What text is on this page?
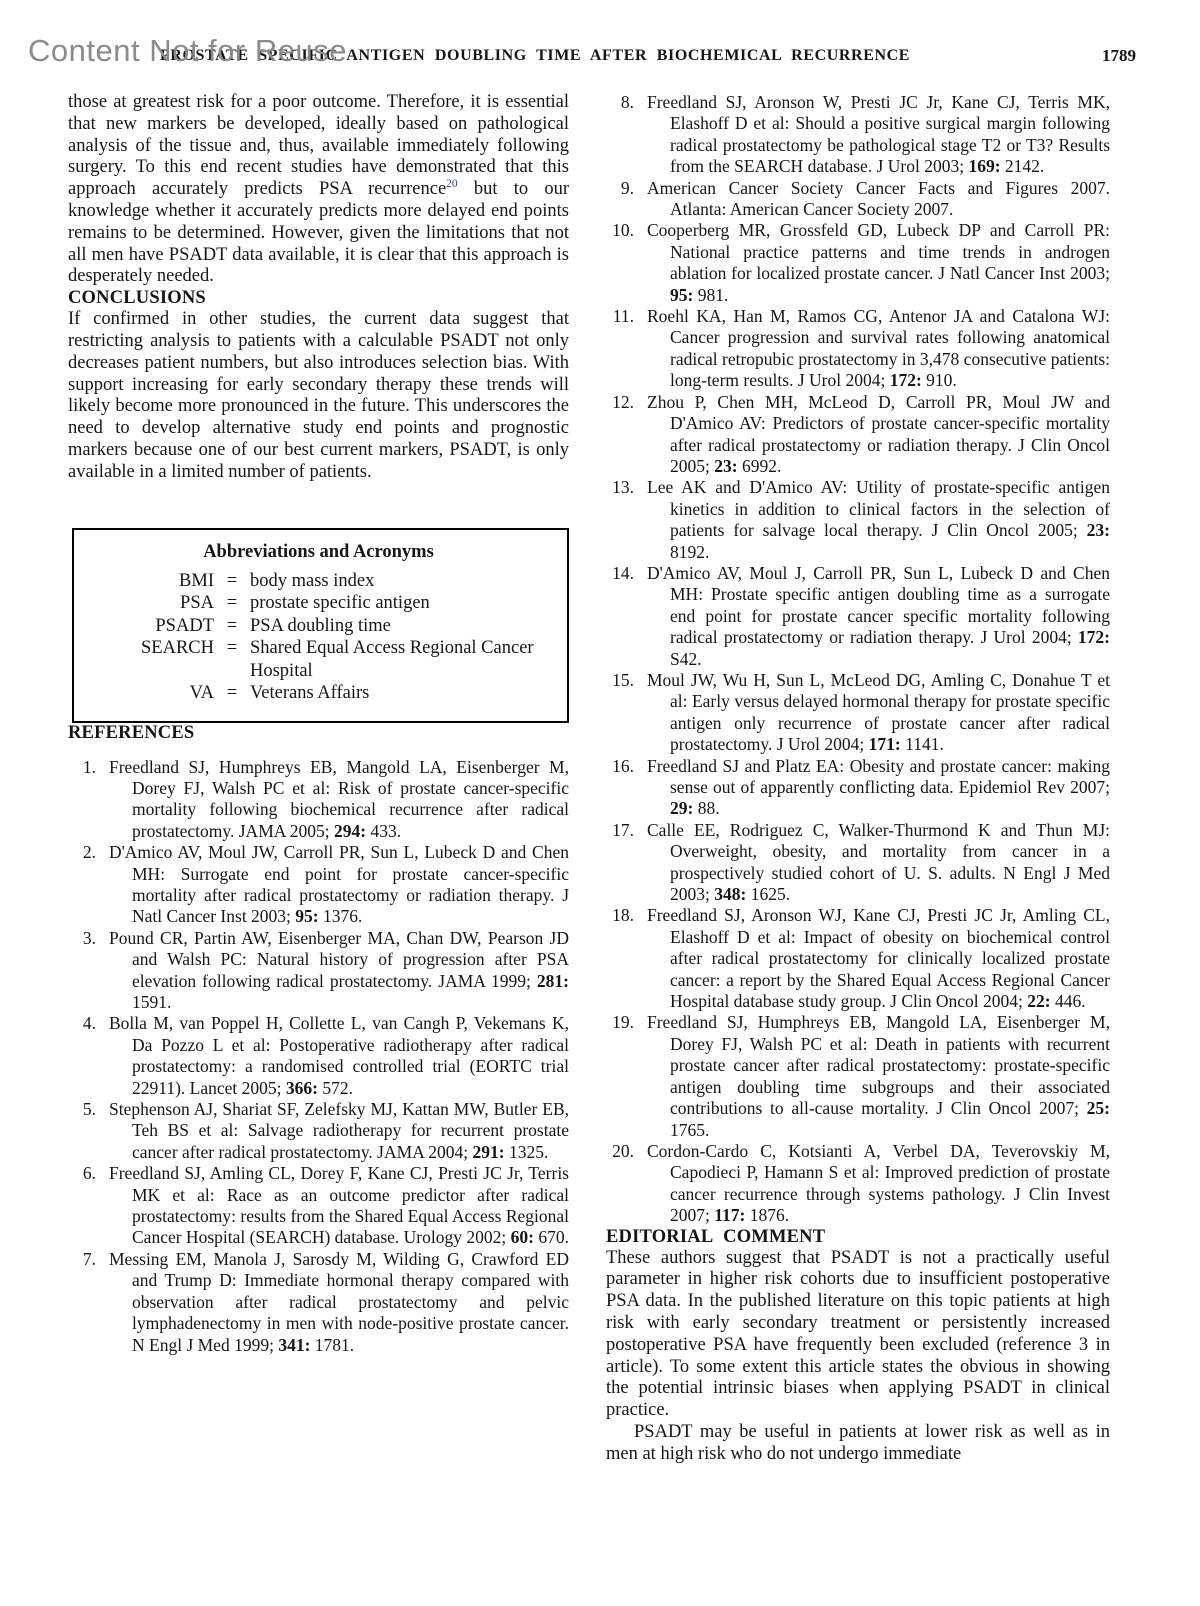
Content Not for Reuse
PROSTATE SPECIFIC ANTIGEN DOUBLING TIME AFTER BIOCHEMICAL RECURRENCE	1789

those at greatest risk for a poor outcome. Therefore, it is essential that new markers be developed, ideally based on pathological analysis of the tissue and, thus, available immediately following surgery. To this end recent studies have demonstrated that this approach accurately predicts PSA recurrence$^{20}$ but to our knowledge whether it accurately predicts more delayed end points remains to be determined. However, given the limitations that not all men have PSADT data available, it is clear that this approach is desperately needed.

CONCLUSIONS

If confirmed in other studies, the current data suggest that restricting analysis to patients with a calculable PSADT not only decreases patient numbers, but also introduces selection bias. With support increasing for early secondary therapy these trends will likely become more pronounced in the future. This underscores the need to develop alternative study end points and prognostic markers because one of our best current markers, PSADT, is only available in a limited number of patients.

Abbreviations and Acronyms
BMI = body mass index
PSA = prostate specific antigen
PSADT = PSA doubling time
SEARCH = Shared Equal Access Regional Cancer Hospital
VA = Veterans Affairs
REFERENCES
1. Freedland SJ, Humphreys EB, Mangold LA, Eisenberger M, Dorey FJ, Walsh PC et al: Risk of prostate cancer-specific mortality following biochemical recurrence after radical prostatectomy. JAMA 2005; 294: 433.
2. D'Amico AV, Moul JW, Carroll PR, Sun L, Lubeck D and Chen MH: Surrogate end point for prostate cancer-specific mortality after radical prostatectomy or radiation therapy. J Natl Cancer Inst 2003; 95: 1376.
3. Pound CR, Partin AW, Eisenberger MA, Chan DW, Pearson JD and Walsh PC: Natural history of progression after PSA elevation following radical prostatectomy. JAMA 1999; 281: 1591.
4. Bolla M, van Poppel H, Collette L, van Cangh P, Vekemans K, Da Pozzo L et al: Postoperative radiotherapy after radical prostatectomy: a randomised controlled trial (EORTC trial 22911). Lancet 2005; 366: 572.
5. Stephenson AJ, Shariat SF, Zelefsky MJ, Kattan MW, Butler EB, Teh BS et al: Salvage radiotherapy for recurrent prostate cancer after radical prostatectomy. JAMA 2004; 291: 1325.
6. Freedland SJ, Amling CL, Dorey F, Kane CJ, Presti JC Jr, Terris MK et al: Race as an outcome predictor after radical prostatectomy: results from the Shared Equal Access Regional Cancer Hospital (SEARCH) database. Urology 2002; 60: 670.
7. Messing EM, Manola J, Sarosdy M, Wilding G, Crawford ED and Trump D: Immediate hormonal therapy compared with observation after radical prostatectomy and pelvic lymphadenectomy in men with node-positive prostate cancer. N Engl J Med 1999; 341: 1781.
8. Freedland SJ, Aronson W, Presti JC Jr, Kane CJ, Terris MK, Elashoff D et al: Should a positive surgical margin following radical prostatectomy be pathological stage T2 or T3? Results from the SEARCH database. J Urol 2003; 169: 2142.
9. American Cancer Society Cancer Facts and Figures 2007. Atlanta: American Cancer Society 2007.
10. Cooperberg MR, Grossfeld GD, Lubeck DP and Carroll PR: National practice patterns and time trends in androgen ablation for localized prostate cancer. J Natl Cancer Inst 2003; 95: 981.
11. Roehl KA, Han M, Ramos CG, Antenor JA and Catalona WJ: Cancer progression and survival rates following anatomical radical retropubic prostatectomy in 3,478 consecutive patients: long-term results. J Urol 2004; 172: 910.
12. Zhou P, Chen MH, McLeod D, Carroll PR, Moul JW and D'Amico AV: Predictors of prostate cancer-specific mortality after radical prostatectomy or radiation therapy. J Clin Oncol 2005; 23: 6992.
13. Lee AK and D'Amico AV: Utility of prostate-specific antigen kinetics in addition to clinical factors in the selection of patients for salvage local therapy. J Clin Oncol 2005; 23: 8192.
14. D'Amico AV, Moul J, Carroll PR, Sun L, Lubeck D and Chen MH: Prostate specific antigen doubling time as a surrogate end point for prostate cancer specific mortality following radical prostatectomy or radiation therapy. J Urol 2004; 172: S42.
15. Moul JW, Wu H, Sun L, McLeod DG, Amling C, Donahue T et al: Early versus delayed hormonal therapy for prostate specific antigen only recurrence of prostate cancer after radical prostatectomy. J Urol 2004; 171: 1141.
16. Freedland SJ and Platz EA: Obesity and prostate cancer: making sense out of apparently conflicting data. Epidemiol Rev 2007; 29: 88.
17. Calle EE, Rodriguez C, Walker-Thurmond K and Thun MJ: Overweight, obesity, and mortality from cancer in a prospectively studied cohort of U. S. adults. N Engl J Med 2003; 348: 1625.
18. Freedland SJ, Aronson WJ, Kane CJ, Presti JC Jr, Amling CL, Elashoff D et al: Impact of obesity on biochemical control after radical prostatectomy for clinically localized prostate cancer: a report by the Shared Equal Access Regional Cancer Hospital database study group. J Clin Oncol 2004; 22: 446.
19. Freedland SJ, Humphreys EB, Mangold LA, Eisenberger M, Dorey FJ, Walsh PC et al: Death in patients with recurrent prostate cancer after radical prostatectomy: prostate-specific antigen doubling time subgroups and their associated contributions to all-cause mortality. J Clin Oncol 2007; 25: 1765.
20. Cordon-Cardo C, Kotsianti A, Verbel DA, Teverovskiy M, Capodieci P, Hamann S et al: Improved prediction of prostate cancer recurrence through systems pathology. J Clin Invest 2007; 117: 1876.
EDITORIAL COMMENT

These authors suggest that PSADT is not a practically useful parameter in higher risk cohorts due to insufficient postoperative PSA data. In the published literature on this topic patients at high risk with early secondary treatment or persistently increased postoperative PSA have frequently been excluded (reference 3 in article). To some extent this article states the obvious in showing the potential intrinsic biases when applying PSADT in clinical practice.

PSADT may be useful in patients at lower risk as well as in men at high risk who do not undergo immediate
